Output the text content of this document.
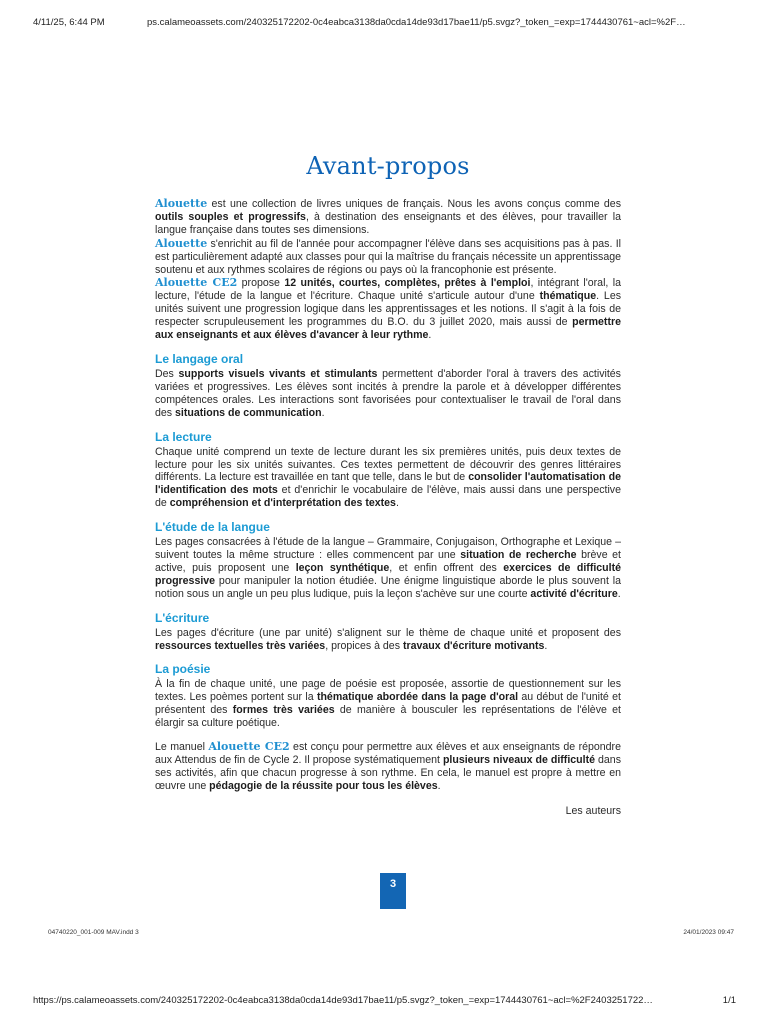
4/11/25, 6:44 PM	ps.calameoassets.com/240325172202-0c4eabca3138da0cda14de93d17bae11/p5.svgz?_token_=exp=1744430761~acl=%2F…
Avant-propos

Alouette est une collection de livres uniques de français. Nous les avons conçus comme des outils souples et progressifs, à destination des enseignants et des élèves, pour travailler la langue française dans toutes ses dimensions.

Alouette s'enrichit au fil de l'année pour accompagner l'élève dans ses acquisitions pas à pas. Il est particulièrement adapté aux classes pour qui la maîtrise du français nécessite un apprentissage soutenu et aux rythmes scolaires de régions ou pays où la francophonie est présente.

Alouette CE2 propose 12 unités, courtes, complètes, prêtes à l'emploi, intégrant l'oral, la lecture, l'étude de la langue et l'écriture. Chaque unité s'articule autour d'une thématique. Les unités suivent une progression logique dans les apprentissages et les notions. Il s'agit à la fois de respecter scrupuleusement les programmes du B.O. du 3 juillet 2020, mais aussi de permettre aux enseignants et aux élèves d'avancer à leur rythme.

Le langage oral

Des supports visuels vivants et stimulants permettent d'aborder l'oral à travers des activités variées et progressives. Les élèves sont incités à prendre la parole et à développer différentes compétences orales. Les interactions sont favorisées pour contextualiser le travail de l'oral dans des situations de communication.

La lecture

Chaque unité comprend un texte de lecture durant les six premières unités, puis deux textes de lecture pour les six unités suivantes. Ces textes permettent de découvrir des genres littéraires différents. La lecture est travaillée en tant que telle, dans le but de consolider l'automatisation de l'identification des mots et d'enrichir le vocabulaire de l'élève, mais aussi dans une perspective de compréhension et d'interprétation des textes.

L'étude de la langue

Les pages consacrées à l'étude de la langue – Grammaire, Conjugaison, Orthographe et Lexique – suivent toutes la même structure : elles commencent par une situation de recherche brève et active, puis proposent une leçon synthétique, et enfin offrent des exercices de difficulté progressive pour manipuler la notion étudiée. Une énigme linguistique aborde le plus souvent la notion sous un angle un peu plus ludique, puis la leçon s'achève sur une courte activité d'écriture.

L'écriture

Les pages d'écriture (une par unité) s'alignent sur le thème de chaque unité et proposent des ressources textuelles très variées, propices à des travaux d'écriture motivants.

La poésie

À la fin de chaque unité, une page de poésie est proposée, assortie de questionnement sur les textes. Les poèmes portent sur la thématique abordée dans la page d'oral au début de l'unité et présentent des formes très variées de manière à bousculer les représentations de l'élève et élargir sa culture poétique.

Le manuel Alouette CE2 est conçu pour permettre aux élèves et aux enseignants de répondre aux Attendus de fin de Cycle 2. Il propose systématiquement plusieurs niveaux de difficulté dans ses activités, afin que chacun progresse à son rythme. En cela, le manuel est propre à mettre en œuvre une pédagogie de la réussite pour tous les élèves.

Les auteurs
3
04740220_001-009 MAV.indd 3	24/01/2023 09:47
https://ps.calameoassets.com/240325172202-0c4eabca3138da0cda14de93d17bae11/p5.svgz?_token_=exp=1744430761~acl=%2F2403251722…	1/1
